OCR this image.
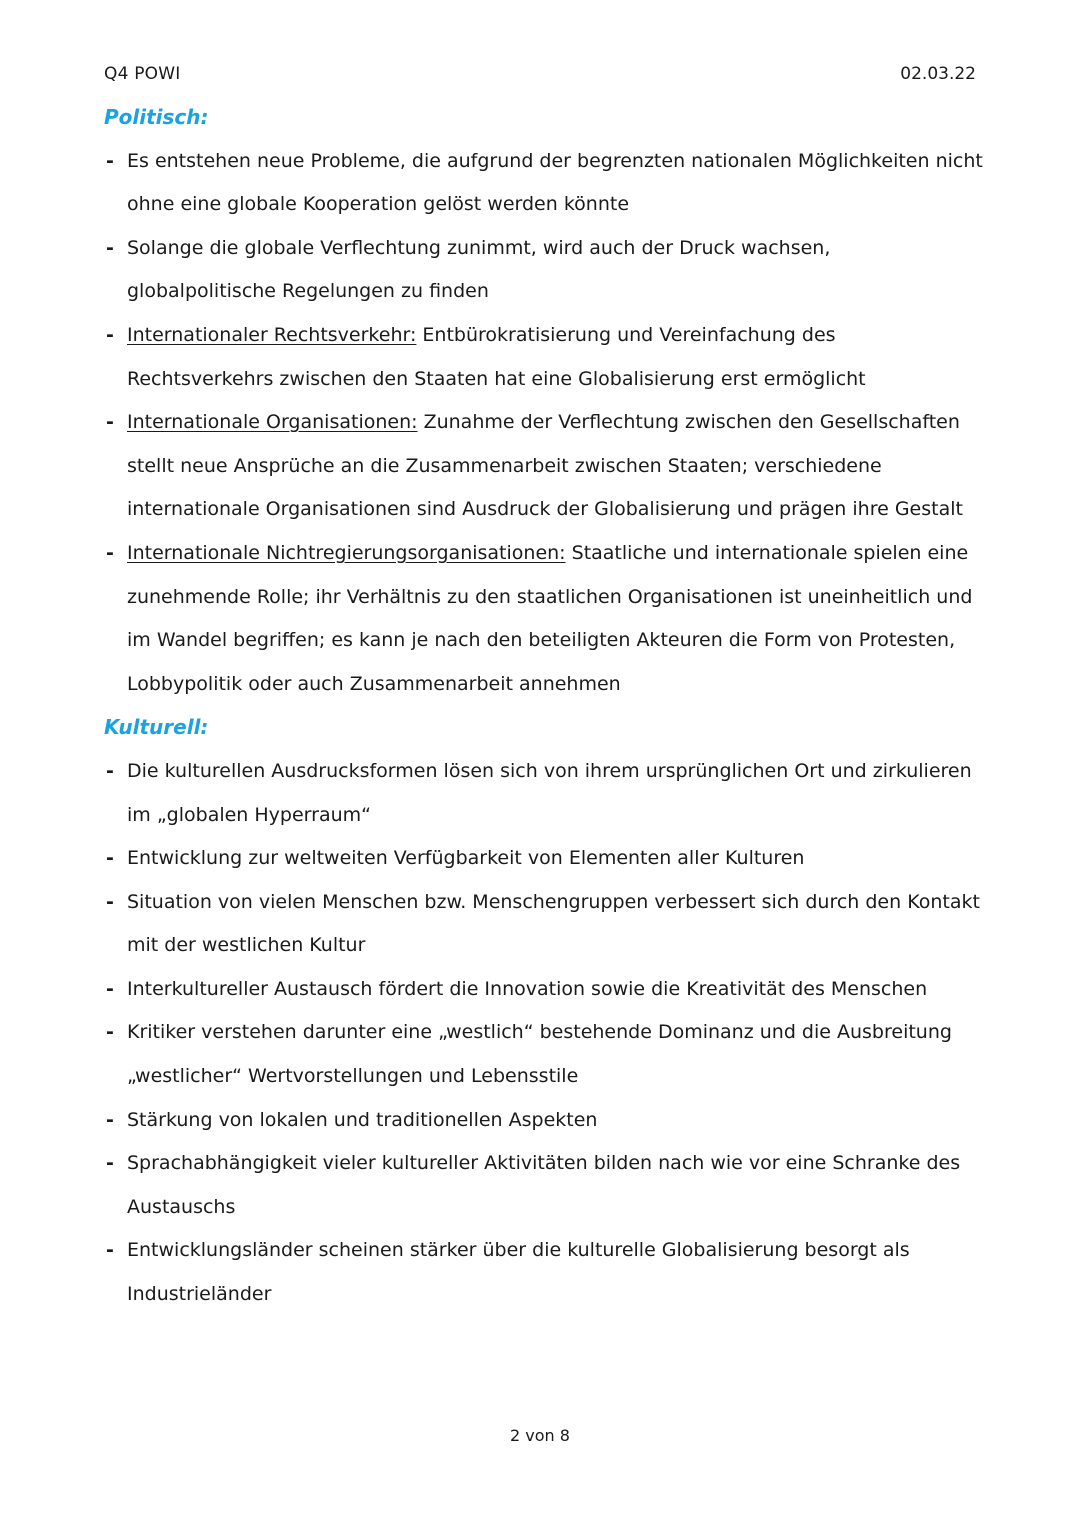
Q4 POWI	02.03.22
Politisch:
- Es entstehen neue Probleme, die aufgrund der begrenzten nationalen Möglichkeiten nicht ohne eine globale Kooperation gelöst werden könnte
- Solange die globale Verflechtung zunimmt, wird auch der Druck wachsen, globalpolitische Regelungen zu finden
- Internationaler Rechtsverkehr: Entbürokratisierung und Vereinfachung des Rechtsverkehrs zwischen den Staaten hat eine Globalisierung erst ermöglicht
- Internationale Organisationen: Zunahme der Verflechtung zwischen den Gesellschaften stellt neue Ansprüche an die Zusammenarbeit zwischen Staaten; verschiedene internationale Organisationen sind Ausdruck der Globalisierung und prägen ihre Gestalt
- Internationale Nichtregierungsorganisationen: Staatliche und internationale spielen eine zunehmende Rolle; ihr Verhältnis zu den staatlichen Organisationen ist uneinheitlich und im Wandel begriffen; es kann je nach den beteiligten Akteuren die Form von Protesten, Lobbypolitik oder auch Zusammenarbeit annehmen
Kulturell:
- Die kulturellen Ausdrucksformen lösen sich von ihrem ursprünglichen Ort und zirkulieren im „globalen Hyperraum“
- Entwicklung zur weltweiten Verfügbarkeit von Elementen aller Kulturen
- Situation von vielen Menschen bzw. Menschengruppen verbessert sich durch den Kontakt mit der westlichen Kultur
- Interkultureller Austausch fördert die Innovation sowie die Kreativität des Menschen
- Kritiker verstehen darunter eine „westlich“ bestehende Dominanz und die Ausbreitung „westlicher“ Wertvorstellungen und Lebensstile
- Stärkung von lokalen und traditionellen Aspekten
- Sprachabhängigkeit vieler kultureller Aktivitäten bilden nach wie vor eine Schranke des Austauschs
- Entwicklungsländer scheinen stärker über die kulturelle Globalisierung besorgt als Industrieländer
2 von 8
